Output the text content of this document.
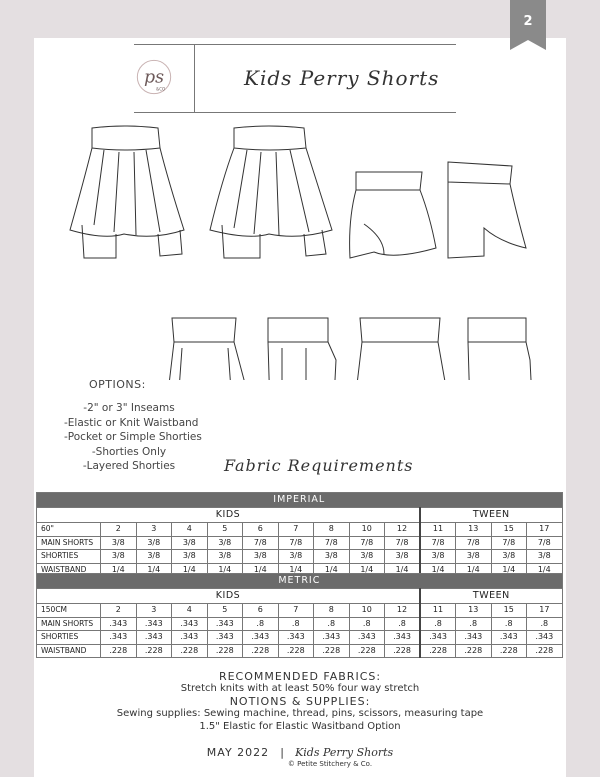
ps
&CO	Kids Perry Shorts
OPTIONS:
-2" or 3" Inseams
-Elastic or Knit Waistband
-Pocket or Simple Shorties
-Shorties Only
-Layered Shorties	Fabric Requirements
IMPERIAL													
KIDS										TWEEN			
60"	2	3	4	5	6	7	8	10	12	11	13	15	17
MAIN SHORTS	3/8	3/8	3/8	3/8	7/8	7/8	7/8	7/8	7/8	7/8	7/8	7/8	7/8
SHORTIES	3/8	3/8	3/8	3/8	3/8	3/8	3/8	3/8	3/8	3/8	3/8	3/8	3/8
WAISTBAND	1/4	1/4	1/4	1/4	1/4	1/4	1/4	1/4	1/4	1/4	1/4	1/4	1/4
METRIC													
KIDS										TWEEN			
150CM	2	3	4	5	6	7	8	10	12	11	13	15	17
MAIN SHORTS	.343	.343	.343	.343	.8	.8	.8	.8	.8	.8	.8	.8	.8
SHORTIES	.343	.343	.343	.343	.343	.343	.343	.343	.343	.343	.343	.343	.343
WAISTBAND	.228	.228	.228	.228	.228	.228	.228	.228	.228	.228	.228	.228	.228
RECOMMENDED FABRICS:
Stretch knits with at least 50% four way stretch
NOTIONS & SUPPLIES:
Sewing supplies: Sewing machine, thread, pins, scissors, measuring tape
1.5" Elastic for Elastic Wasitband Option
MAY 2022 | Kids Perry Shorts
© Petite Stitchery & Co.
2
